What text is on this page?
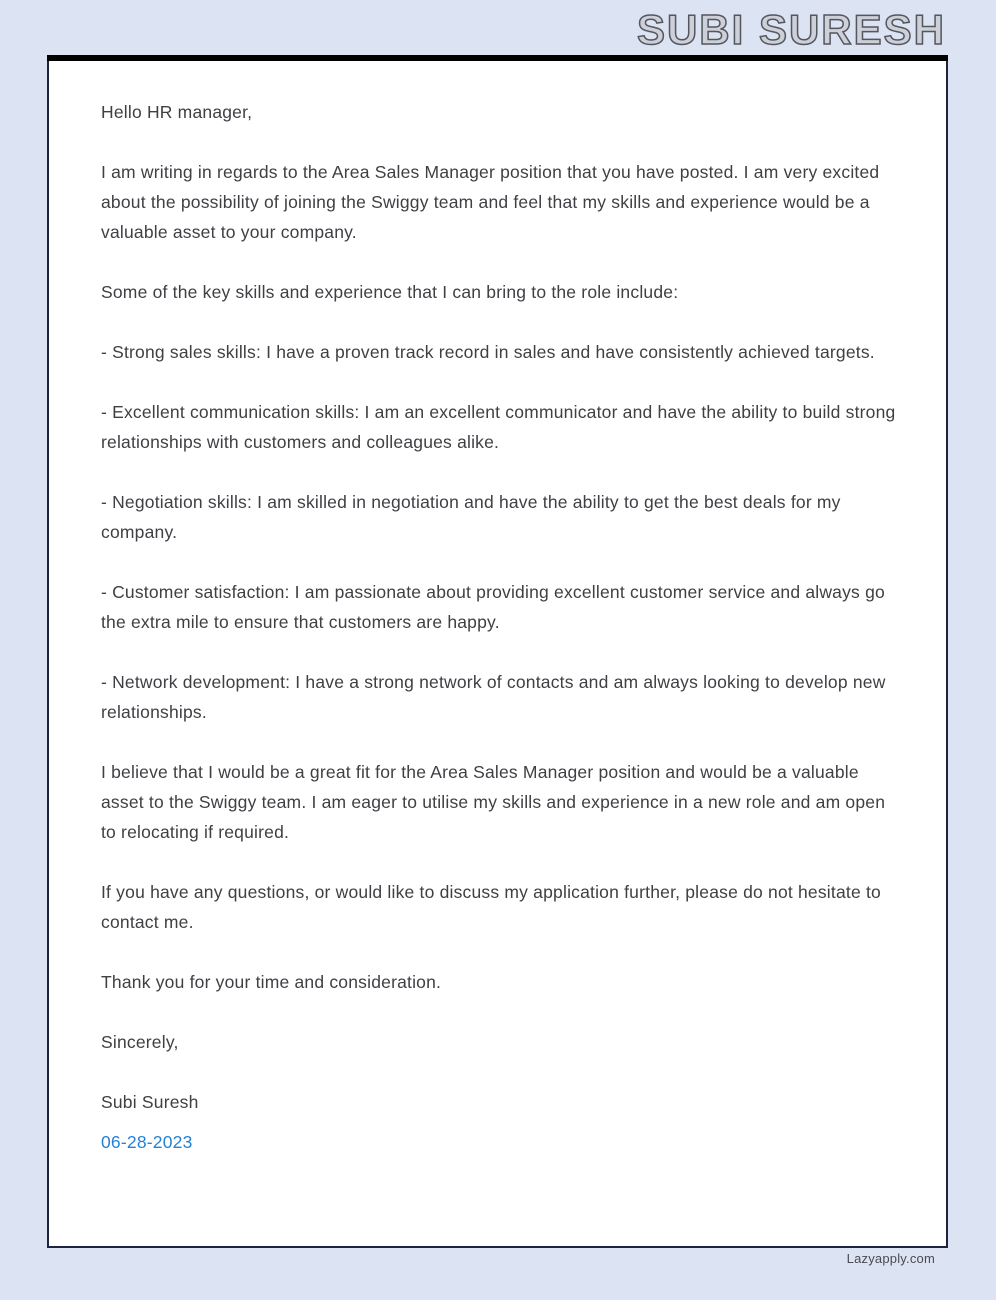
SUBI SURESH

Hello HR manager,

I am writing in regards to the Area Sales Manager position that you have posted. I am very excited about the possibility of joining the Swiggy team and feel that my skills and experience would be a valuable asset to your company.

Some of the key skills and experience that I can bring to the role include:

- Strong sales skills: I have a proven track record in sales and have consistently achieved targets.

- Excellent communication skills: I am an excellent communicator and have the ability to build strong relationships with customers and colleagues alike.

- Negotiation skills: I am skilled in negotiation and have the ability to get the best deals for my company.

- Customer satisfaction: I am passionate about providing excellent customer service and always go the extra mile to ensure that customers are happy.

- Network development: I have a strong network of contacts and am always looking to develop new relationships.

I believe that I would be a great fit for the Area Sales Manager position and would be a valuable asset to the Swiggy team. I am eager to utilise my skills and experience in a new role and am open to relocating if required.

If you have any questions, or would like to discuss my application further, please do not hesitate to contact me.

Thank you for your time and consideration.

Sincerely,

Subi Suresh

06-28-2023

Lazyapply.com
